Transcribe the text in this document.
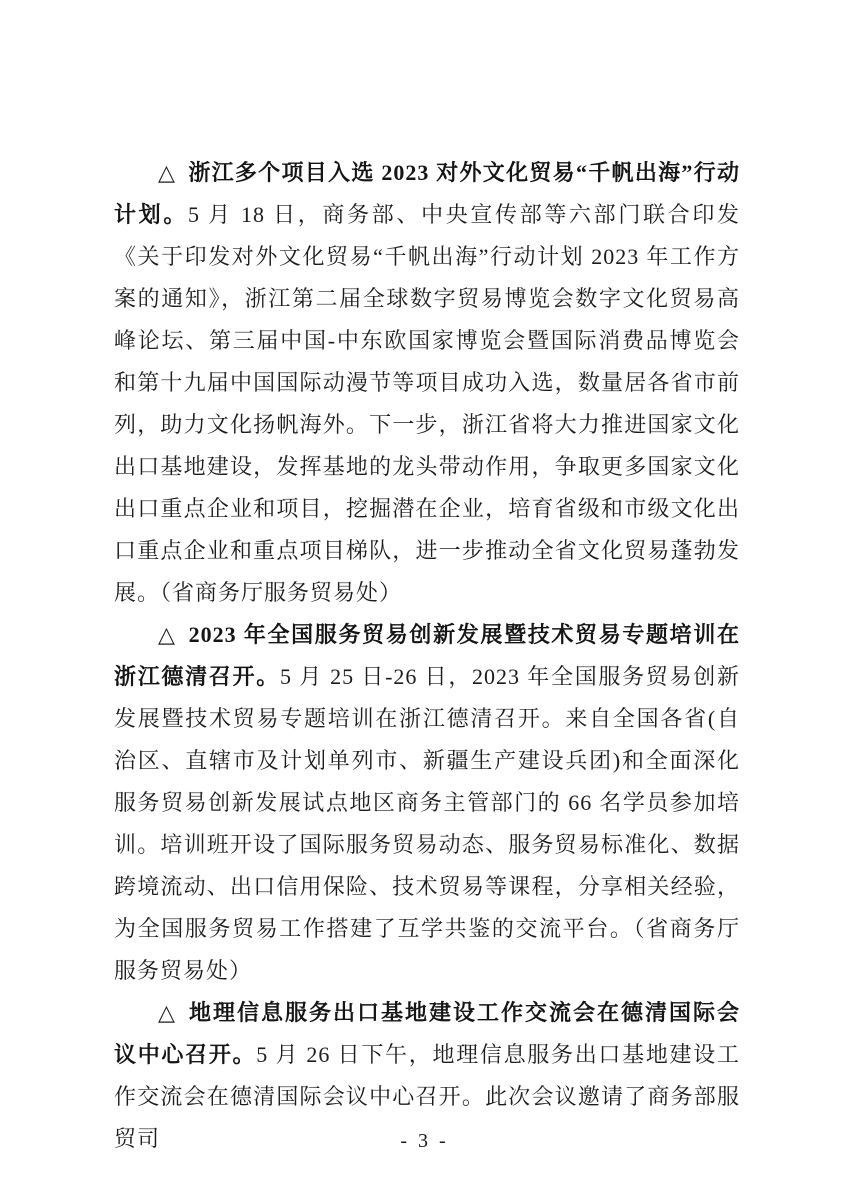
△ 浙江多个项目入选 2023 对外文化贸易“千帆出海”行动计划。5 月 18 日，商务部、中央宣传部等六部门联合印发《关于印发对外文化贸易“千帆出海”行动计划 2023 年工作方案的通知》，浙江第二届全球数字贸易博览会数字文化贸易高峰论坛、第三届中国-中东欧国家博览会暨国际消费品博览会和第十九届中国国际动漫节等项目成功入选，数量居各省市前列，助力文化扬帆海外。下一步，浙江省将大力推进国家文化出口基地建设，发挥基地的龙头带动作用，争取更多国家文化出口重点企业和项目，挖掘潜在企业，培育省级和市级文化出口重点企业和重点项目梯队，进一步推动全省文化贸易蓬勃发展。（省商务厅服务贸易处）

△ 2023 年全国服务贸易创新发展暨技术贸易专题培训在浙江德清召开。5 月 25 日-26 日，2023 年全国服务贸易创新发展暨技术贸易专题培训在浙江德清召开。来自全国各省(自治区、直辖市及计划单列市、新疆生产建设兵团)和全面深化服务贸易创新发展试点地区商务主管部门的 66 名学员参加培训。培训班开设了国际服务贸易动态、服务贸易标准化、数据跨境流动、出口信用保险、技术贸易等课程，分享相关经验，为全国服务贸易工作搭建了互学共鉴的交流平台。（省商务厅服务贸易处）

△ 地理信息服务出口基地建设工作交流会在德清国际会议中心召开。5 月 26 日下午，地理信息服务出口基地建设工作交流会在德清国际会议中心召开。此次会议邀请了商务部服贸司	- 3 -
